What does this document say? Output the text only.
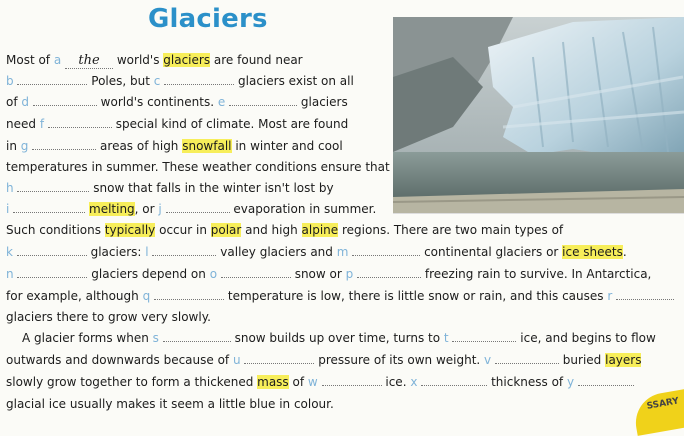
Glaciers
Most of a the world's glaciers are found near
b	Poles, but c	glaciers exist on all
of d	world's continents. e	glaciers
need f	special kind of climate. Most are found
in g	areas of high snowfall in winter and cool
temperatures in summer. These weather conditions ensure that
h	snow that falls in the winter isn't lost by
i	melting, or j	evaporation in summer.
Such conditions typically occur in polar and high alpine regions. There are two main types of
k	glaciers: l	valley glaciers and m	continental glaciers or ice sheets.
n	glaciers depend on o	snow or p	freezing rain to survive. In Antarctica,
for example, although q	temperature is low, there is little snow or rain, and this causes r
glaciers there to grow very slowly.
A glacier forms when s	snow builds up over time, turns to t	ice, and begins to flow
outwards and downwards because of u	pressure of its own weight. v	buried layers
slowly grow together to form a thickened mass of w	ice. x	thickness of y
glacial ice usually makes it seem a little blue in colour.	SSARY
